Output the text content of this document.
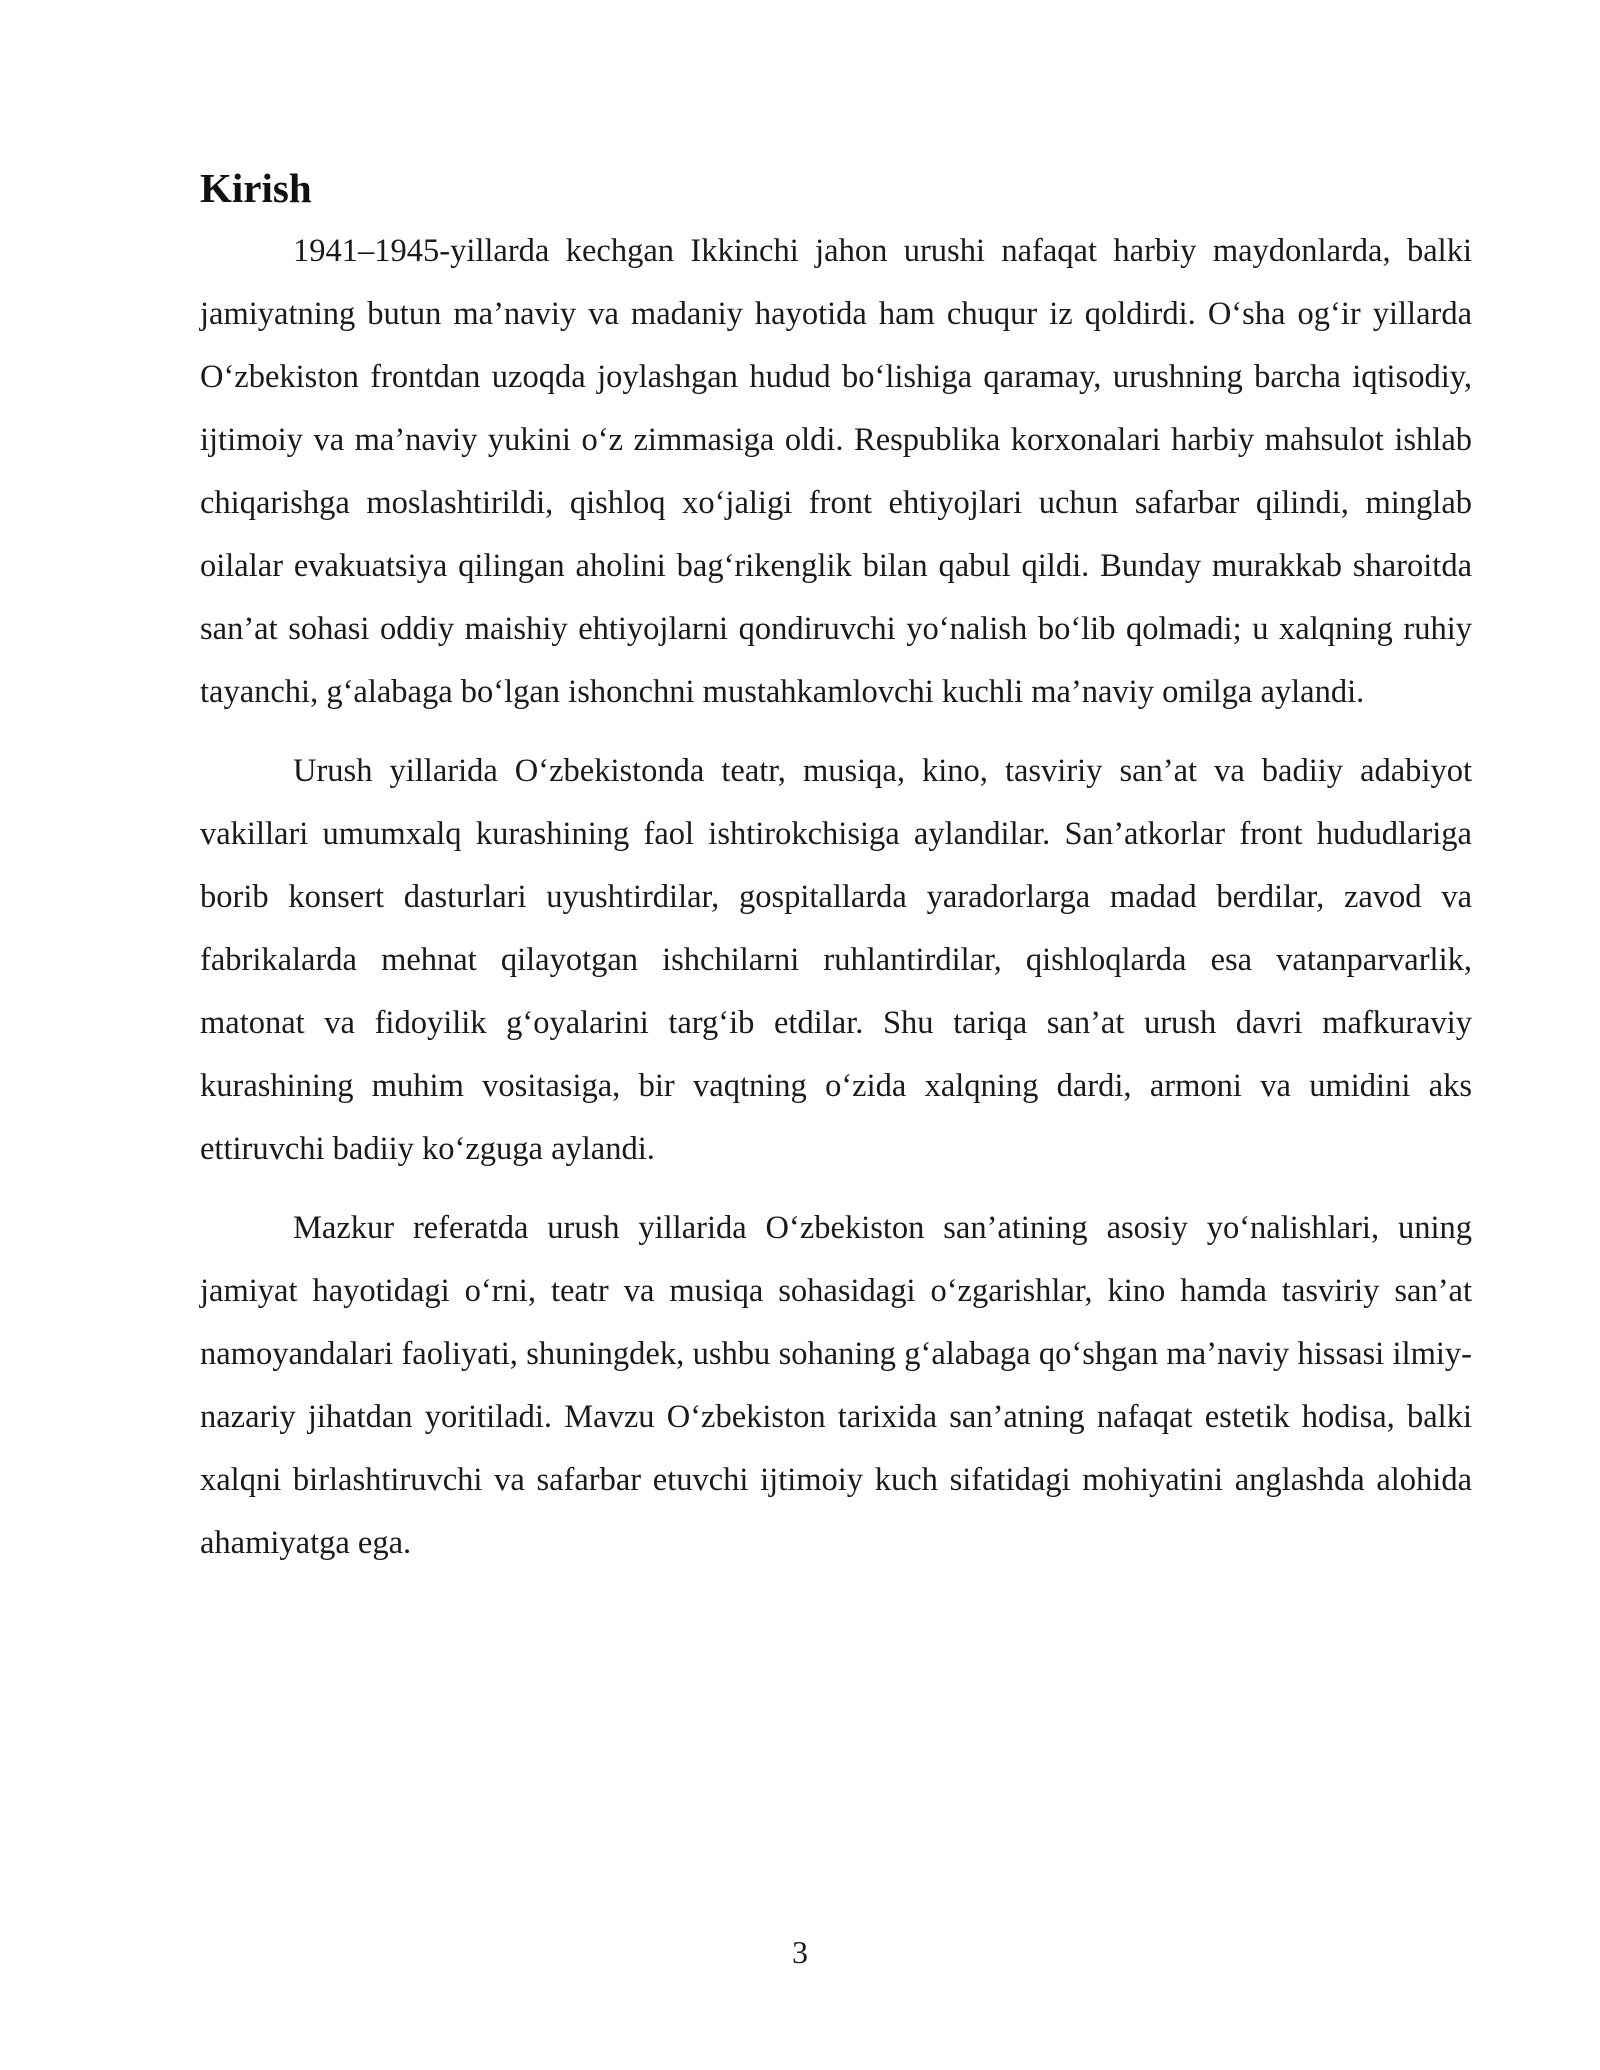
Kirish

1941–1945-yillarda kechgan Ikkinchi jahon urushi nafaqat harbiy maydonlarda, balki jamiyatning butun ma’naviy va madaniy hayotida ham chuqur iz qoldirdi. O‘sha og‘ir yillarda O‘zbekiston frontdan uzoqda joylashgan hudud bo‘lishiga qaramay, urushning barcha iqtisodiy, ijtimoiy va ma’naviy yukini o‘z zimmasiga oldi. Respublika korxonalari harbiy mahsulot ishlab chiqarishga moslashtirildi, qishloq xo‘jaligi front ehtiyojlari uchun safarbar qilindi, minglab oilalar evakuatsiya qilingan aholini bag‘rikenglik bilan qabul qildi. Bunday murakkab sharoitda san’at sohasi oddiy maishiy ehtiyojlarni qondiruvchi yo‘nalish bo‘lib qolmadi; u xalqning ruhiy tayanchi, g‘alabaga bo‘lgan ishonchni mustahkamlovchi kuchli ma’naviy omilga aylandi.

Urush yillarida O‘zbekistonda teatr, musiqa, kino, tasviriy san’at va badiiy adabiyot vakillari umumxalq kurashining faol ishtirokchisiga aylandilar. San’atkorlar front hududlariga borib konsert dasturlari uyushtirdilar, gospitallarda yaradorlarga madad berdilar, zavod va fabrikalarda mehnat qilayotgan ishchilarni ruhlantirdilar, qishloqlarda esa vatanparvarlik, matonat va fidoyilik g‘oyalarini targ‘ib etdilar. Shu tariqa san’at urush davri mafkuraviy kurashining muhim vositasiga, bir vaqtning o‘zida xalqning dardi, armoni va umidini aks ettiruvchi badiiy ko‘zguga aylandi.

Mazkur referatda urush yillarida O‘zbekiston san’atining asosiy yo‘nalishlari, uning jamiyat hayotidagi o‘rni, teatr va musiqa sohasidagi o‘zgarishlar, kino hamda tasviriy san’at namoyandalari faoliyati, shuningdek, ushbu sohaning g‘alabaga qo‘shgan ma’naviy hissasi ilmiy-nazariy jihatdan yoritiladi. Mavzu O‘zbekiston tarixida san’atning nafaqat estetik hodisa, balki xalqni birlashtiruvchi va safarbar etuvchi ijtimoiy kuch sifatidagi mohiyatini anglashda alohida ahamiyatga ega.

3
